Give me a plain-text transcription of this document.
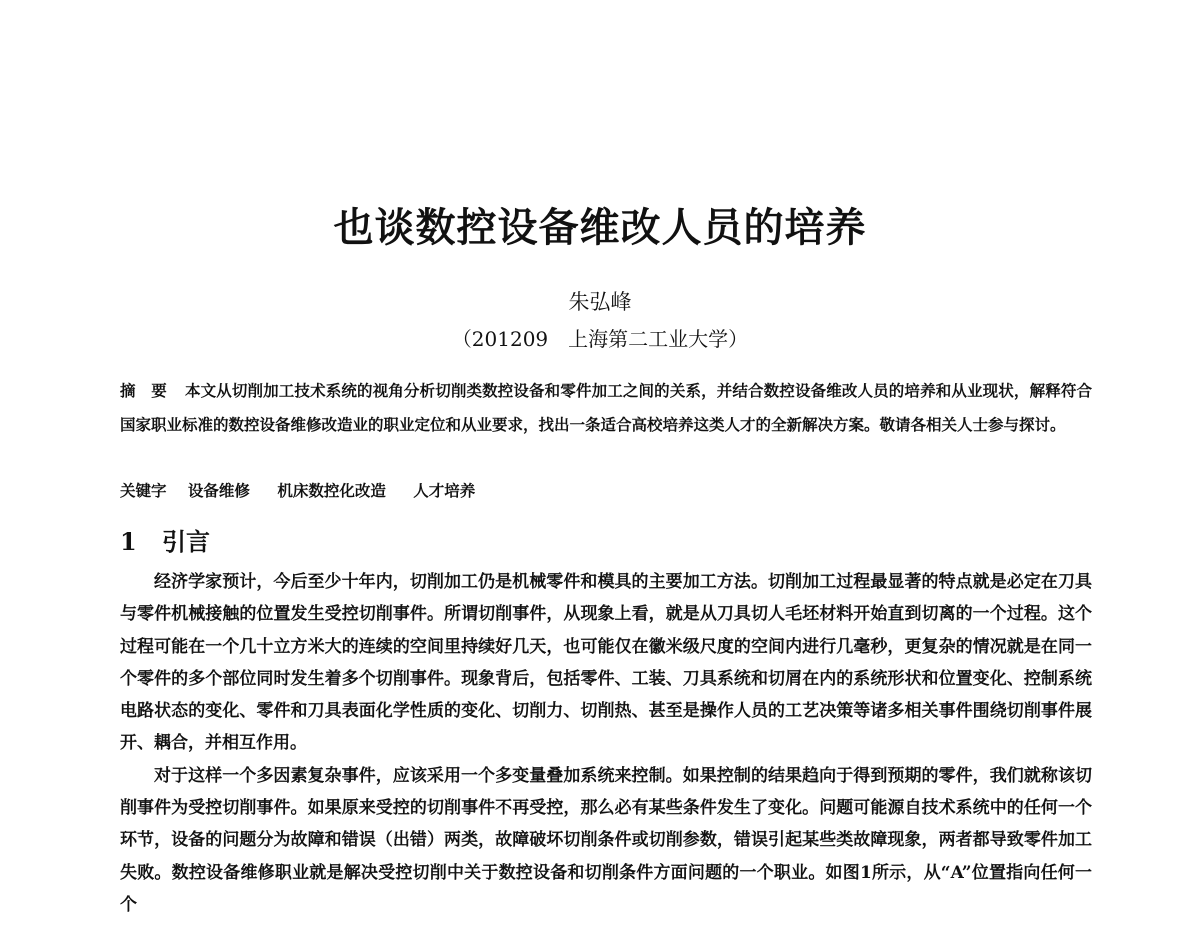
也谈数控设备维改人员的培养
朱弘峰
（201209　上海第二工业大学）
摘　要 本文从切削加工技术系统的视角分析切削类数控设备和零件加工之间的关系，并结合数控设备维改人员的培养和从业现状，解释符合国家职业标准的数控设备维修改造业的职业定位和从业要求，找出一条适合高校培养这类人才的全新解决方案。敬请各相关人士参与探讨。
关键字 设备维修 机床数控化改造 人才培养
1 引言

经济学家预计，今后至少十年内，切削加工仍是机械零件和模具的主要加工方法。切削加工过程最显著的特点就是必定在刀具与零件机械接触的位置发生受控切削事件。所谓切削事件，从现象上看，就是从刀具切人毛坯材料开始直到切离的一个过程。这个过程可能在一个几十立方米大的连续的空间里持续好几天，也可能仅在徽米级尺度的空间内进行几毫秒，更复杂的情况就是在同一个零件的多个部位同时发生着多个切削事件。现象背后，包括零件、工装、刀具系统和切屑在内的系统形状和位置变化、控制系统电路状态的变化、零件和刀具表面化学性质的变化、切削力、切削热、甚至是操作人员的工艺决策等诸多相关事件围绕切削事件展开、耦合，并相互作用。

对于这样一个多因素复杂事件，应该采用一个多变量叠加系统来控制。如果控制的结果趋向于得到预期的零件，我们就称该切削事件为受控切削事件。如果原来受控的切削事件不再受控，那么必有某些条件发生了变化。问题可能源自技术系统中的任何一个环节，设备的问题分为故障和错误（出错）两类，故障破坏切削条件或切削参数，错误引起某些类故障现象，两者都导致零件加工失败。数控设备维修职业就是解决受控切削中关于数控设备和切削条件方面问题的一个职业。如图1所示，从“A”位置指向任何一个
